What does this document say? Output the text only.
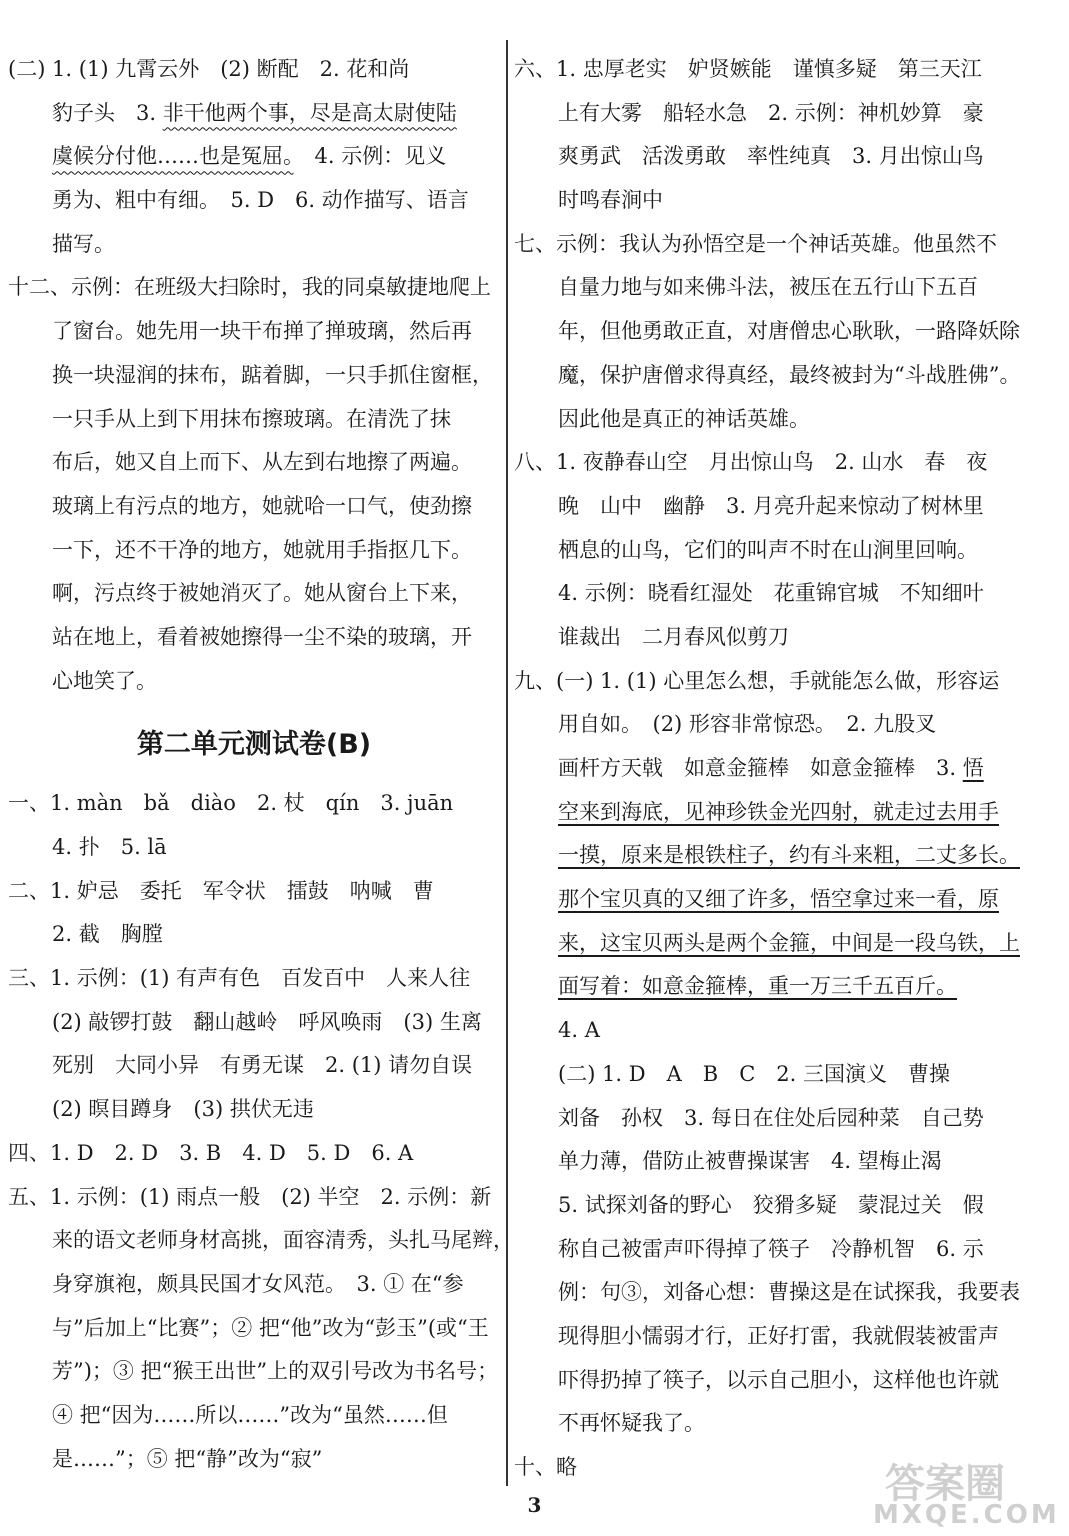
(二) 1. (1) 九霄云外　(2) 断配　2. 花和尚
豹子头　3. 非干他两个事，尽是高太尉使陆
虞候分付他……也是冤屈。　4. 示例：见义
勇为、粗中有细。　5. D　6. 动作描写、语言
描写。
十二、示例：在班级大扫除时，我的同桌敏捷地爬上
了窗台。她先用一块干布掸了掸玻璃，然后再
换一块湿润的抹布，踮着脚，一只手抓住窗框，
一只手从上到下用抹布擦玻璃。在清洗了抹
布后，她又自上而下、从左到右地擦了两遍。
玻璃上有污点的地方，她就哈一口气，使劲擦
一下，还不干净的地方，她就用手指抠几下。
啊，污点终于被她消灭了。她从窗台上下来，
站在地上，看着被她擦得一尘不染的玻璃，开
心地笑了。
第二单元测试卷(B)
一、1. màn　bǎ　diào　2. 杖　qín　3. juān
4. 扑　5. lā
二、1. 妒忌　委托　军令状　擂鼓　呐喊　曹
2. 截　胸膛
三、1. 示例：(1) 有声有色　百发百中　人来人往
(2) 敲锣打鼓　翻山越岭　呼风唤雨　(3) 生离
死别　大同小异　有勇无谋　2. (1) 请勿自误
(2) 暝目蹲身　(3) 拱伏无违
四、1. D　2. D　3. B　4. D　5. D　6. A
五、1. 示例：(1) 雨点一般　(2) 半空　2. 示例：新
来的语文老师身材高挑，面容清秀，头扎马尾辫，
身穿旗袍，颇具民国才女风范。　3. ① 在“参
与”后加上“比赛”；② 把“他”改为“彭玉”(或“王
芳”)；③ 把“猴王出世”上的双引号改为书名号；
④ 把“因为……所以……”改为“虽然……但
是……”；⑤ 把“静”改为“寂”
六、1. 忠厚老实　妒贤嫉能　谨慎多疑　第三天江
上有大雾　船轻水急　2. 示例：神机妙算　豪
爽勇武　活泼勇敢　率性纯真　3. 月出惊山鸟
时鸣春涧中
七、示例：我认为孙悟空是一个神话英雄。他虽然不
自量力地与如来佛斗法，被压在五行山下五百
年，但他勇敢正直，对唐僧忠心耿耿，一路降妖除
魔，保护唐僧求得真经，最终被封为“斗战胜佛”。
因此他是真正的神话英雄。
八、1. 夜静春山空　月出惊山鸟　2. 山水　春　夜
晚　山中　幽静　3. 月亮升起来惊动了树林里
栖息的山鸟，它们的叫声不时在山涧里回响。
4. 示例：晓看红湿处　花重锦官城　不知细叶
谁裁出　二月春风似剪刀
九、(一) 1. (1) 心里怎么想，手就能怎么做，形容运
用自如。　(2) 形容非常惊恐。　2. 九股叉
画杆方天戟　如意金箍棒　如意金箍棒　3. 悟
空来到海底，见神珍铁金光四射，就走过去用手
一摸，原来是根铁柱子，约有斗来粗，二丈多长。
那个宝贝真的又细了许多，悟空拿过来一看，原
来，这宝贝两头是两个金箍，中间是一段乌铁，上
面写着：如意金箍棒，重一万三千五百斤。
4. A
(二) 1. D　A　B　C　2. 三国演义　曹操
刘备　孙权　3. 每日在住处后园种菜　自己势
单力薄，借防止被曹操谋害　4. 望梅止渴
5. 试探刘备的野心　狡猾多疑　蒙混过关　假
称自己被雷声吓得掉了筷子　冷静机智　6. 示
例：句③，刘备心想：曹操这是在试探我，我要表
现得胆小懦弱才行，正好打雷，我就假装被雷声
吓得扔掉了筷子，以示自己胆小，这样他也许就
不再怀疑我了。
十、略
3	答案圈
MXQE.COM
